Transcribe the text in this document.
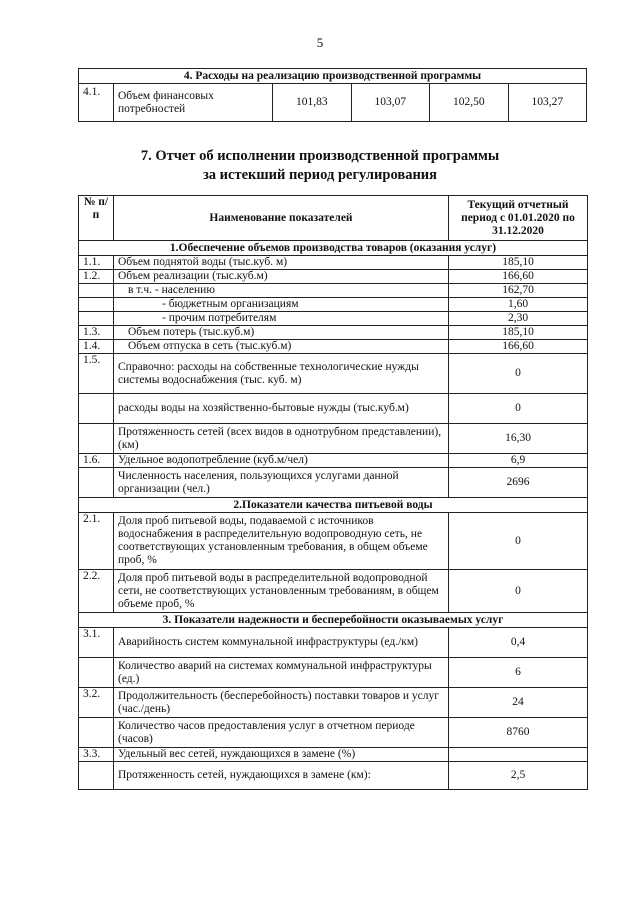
5
4. Расходы на реализацию производственной программы
4.1.	Объем финансовых потребностей	101,83	103,07	102,50	103,27
7. Отчет об исполнении производственной программы
за истекший период регулирования
№ п/п	Наименование показателей	Текущий отчетный период с 01.01.2020 по 31.12.2020
1.Обеспечение объемов производства товаров (оказания услуг)		
1.1.	Объем поднятой воды (тыс.куб. м)	185,10
1.2.	Объем реализации (тыс.куб.м)	166,60
	в т.ч. - населению	162,70
	- бюджетным организациям	1,60
	- прочим потребителям	2,30
1.3.	Объем потерь (тыс.куб.м)	185,10
1.4.	Объем отпуска в сеть (тыс.куб.м)	166,60
1.5.	Справочно: расходы на собственные технологические нужды системы водоснабжения (тыс. куб. м)	0
	расходы воды на хозяйственно-бытовые нужды (тыс.куб.м)	0
	Протяженность сетей (всех видов в однотрубном представлении), (км)	16,30
1.6.	Удельное водопотребление (куб.м/чел)	6,9
	Численность населения, пользующихся услугами данной организации (чел.)	2696
2.Показатели качества питьевой воды		
2.1.	Доля проб питьевой воды, подаваемой с источников водоснабжения в распределительную водопроводную сеть, не соответствующих установленным требования, в общем объеме проб, %	0
2.2.	Доля проб питьевой воды в распределительной водопроводной сети, не соответствующих установленным требованиям, в общем объеме проб, %	0
3. Показатели надежности и бесперебойности оказываемых услуг		
3.1.	Аварийность систем коммунальной инфраструктуры (ед./км)	0,4
	Количество аварий на системах коммунальной инфраструктуры (ед.)	6
3.2.	Продолжительность (бесперебойность) поставки товаров и услуг (час./день)	24
	Количество часов предоставления услуг в отчетном периоде (часов)	8760
3.3.	Удельный вес сетей, нуждающихся в замене (%)	
	Протяженность сетей, нуждающихся в замене (км):	2,5
